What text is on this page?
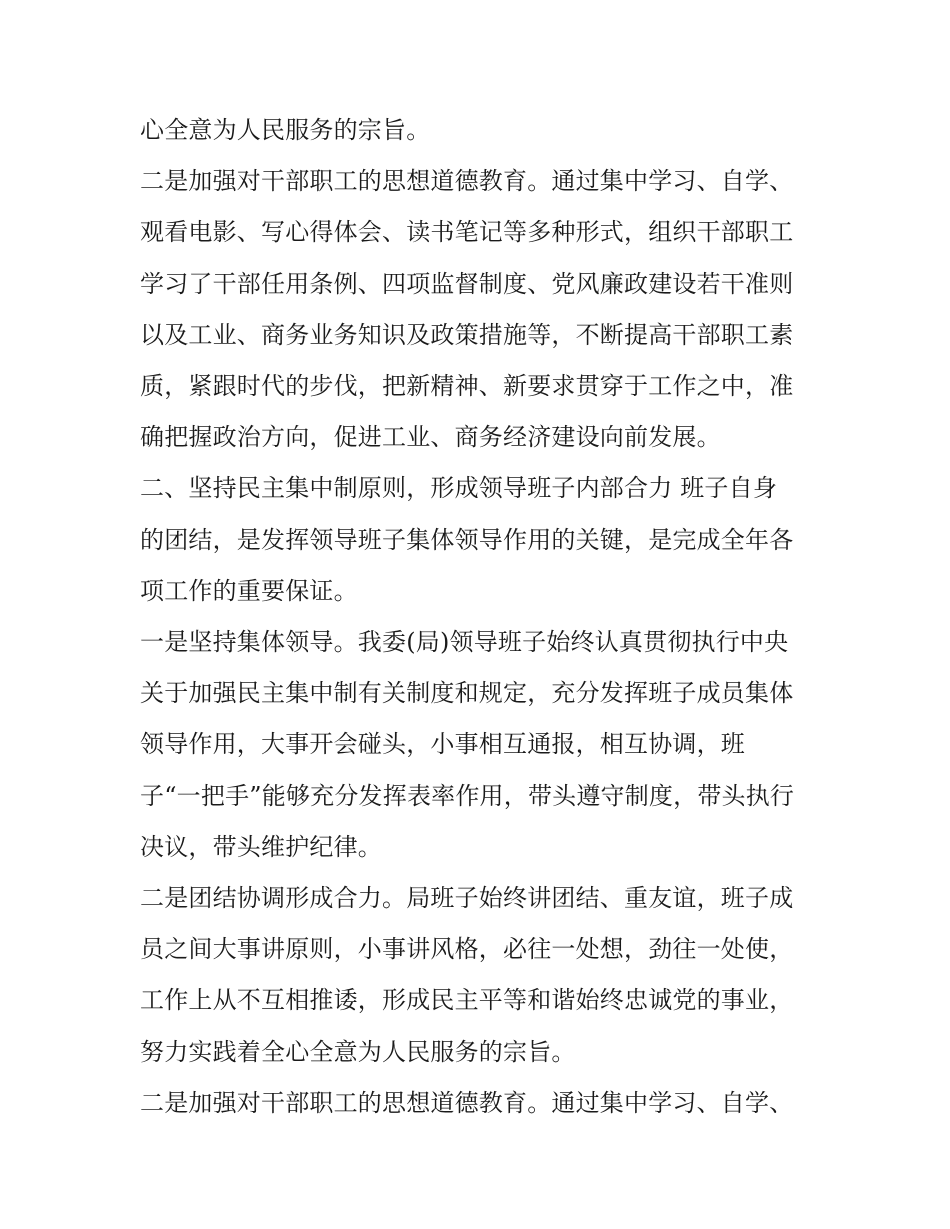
心全意为人民服务的宗旨。
二是加强对干部职工的思想道德教育。通过集中学习、自学、
观看电影、写心得体会、读书笔记等多种形式，组织干部职工
学习了干部任用条例、四项监督制度、党风廉政建设若干准则
以及工业、商务业务知识及政策措施等，不断提高干部职工素
质，紧跟时代的步伐，把新精神、新要求贯穿于工作之中，准
确把握政治方向，促进工业、商务经济建设向前发展。
二、坚持民主集中制原则，形成领导班子内部合力 班子自身
的团结，是发挥领导班子集体领导作用的关键，是完成全年各
项工作的重要保证。
一是坚持集体领导。我委(局)领导班子始终认真贯彻执行中央
关于加强民主集中制有关制度和规定，充分发挥班子成员集体
领导作用，大事开会碰头，小事相互通报，相互协调，班
子“一把手”能够充分发挥表率作用，带头遵守制度，带头执行
决议，带头维护纪律。
二是团结协调形成合力。局班子始终讲团结、重友谊，班子成
员之间大事讲原则，小事讲风格，必往一处想，劲往一处使，
工作上从不互相推诿，形成民主平等和谐始终忠诚党的事业，
努力实践着全心全意为人民服务的宗旨。
二是加强对干部职工的思想道德教育。通过集中学习、自学、
